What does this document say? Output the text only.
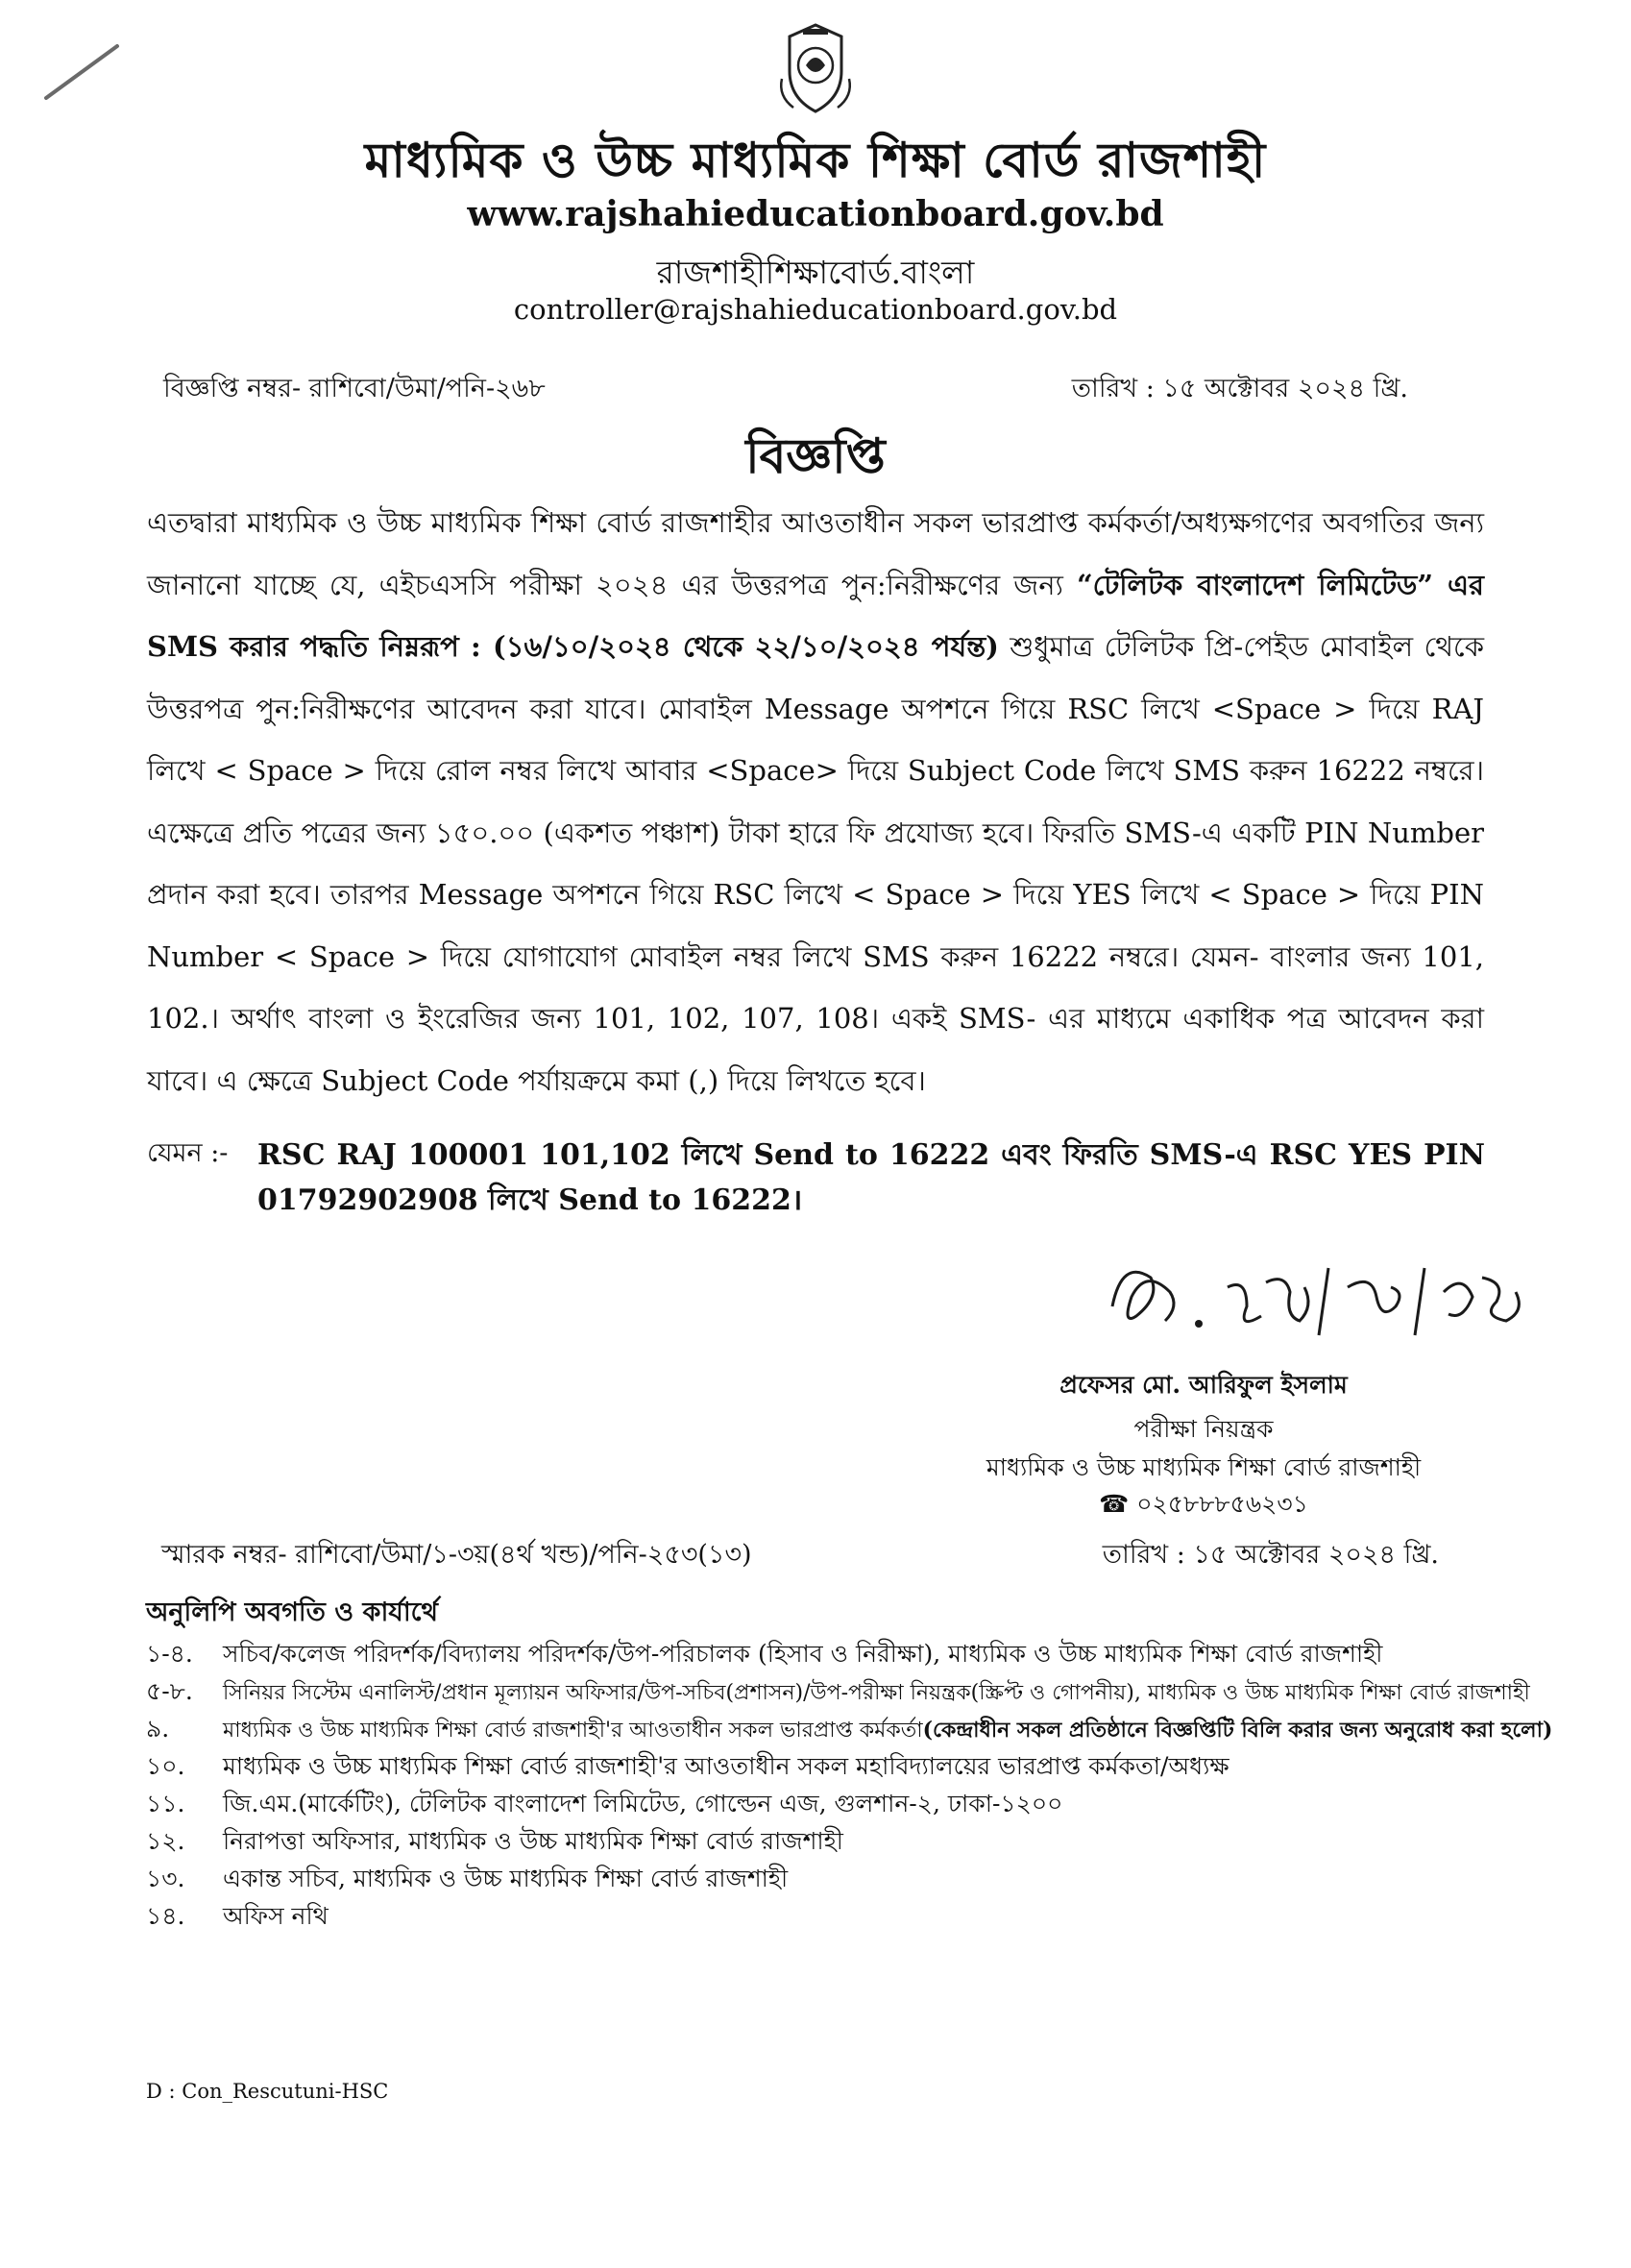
মাধ্যমিক ও উচ্চ মাধ্যমিক শিক্ষা বোর্ড রাজশাহী
www.rajshahieducationboard.gov.bd
রাজশাহীশিক্ষাবোর্ড.বাংলা
controller@rajshahieducationboard.gov.bd
বিজ্ঞপ্তি নম্বর- রাশিবো/উমা/পনি-২৬৮	তারিখ : ১৫ অক্টোবর ২০২৪ খ্রি.
বিজ্ঞপ্তি
এতদ্বারা মাধ্যমিক ও উচ্চ মাধ্যমিক শিক্ষা বোর্ড রাজশাহীর আওতাধীন সকল ভারপ্রাপ্ত কর্মকর্তা/অধ্যক্ষগণের অবগতির জন্য জানানো যাচ্ছে যে, এইচএসসি পরীক্ষা ২০২৪ এর উত্তরপত্র পুন:নিরীক্ষণের জন্য “টেলিটক বাংলাদেশ লিমিটেড” এর SMS করার পদ্ধতি নিম্নরূপ : (১৬/১০/২০২৪ থেকে ২২/১০/২০২৪ পর্যন্ত) শুধুমাত্র টেলিটক প্রি-পেইড মোবাইল থেকে উত্তরপত্র পুন:নিরীক্ষণের আবেদন করা যাবে। মোবাইল Message অপশনে গিয়ে RSC লিখে <Space > দিয়ে RAJ লিখে < Space > দিয়ে রোল নম্বর লিখে আবার <Space> দিয়ে Subject Code লিখে SMS করুন 16222 নম্বরে। এক্ষেত্রে প্রতি পত্রের জন্য ১৫০.০০ (একশত পঞ্চাশ) টাকা হারে ফি প্রযোজ্য হবে। ফিরতি SMS-এ একটি PIN Number প্রদান করা হবে। তারপর Message অপশনে গিয়ে RSC লিখে < Space > দিয়ে YES লিখে < Space > দিয়ে PIN Number < Space > দিয়ে যোগাযোগ মোবাইল নম্বর লিখে SMS করুন 16222 নম্বরে। যেমন- বাংলার জন্য 101, 102.। অর্থাৎ বাংলা ও ইংরেজির জন্য 101, 102, 107, 108। একই SMS- এর মাধ্যমে একাধিক পত্র আবেদন করা যাবে। এ ক্ষেত্রে Subject Code পর্যায়ক্রমে কমা (,) দিয়ে লিখতে হবে।
যেমন :- RSC RAJ 100001 101,102 লিখে Send to 16222 এবং ফিরতি SMS-এ RSC YES PIN
01792902908 লিখে Send to 16222।
প্রফেসর মো. আরিফুল ইসলাম
পরীক্ষা নিয়ন্ত্রক
মাধ্যমিক ও উচ্চ মাধ্যমিক শিক্ষা বোর্ড রাজশাহী
☎ ০২৫৮৮৮৫৬২৩১
স্মারক নম্বর- রাশিবো/উমা/১-৩য়(৪র্থ খন্ড)/পনি-২৫৩(১৩)	তারিখ : ১৫ অক্টোবর ২০২৪ খ্রি.
অনুলিপি অবগতি ও কার্যার্থে
১-৪. সচিব/কলেজ পরিদর্শক/বিদ্যালয় পরিদর্শক/উপ-পরিচালক (হিসাব ও নিরীক্ষা), মাধ্যমিক ও উচ্চ মাধ্যমিক শিক্ষা বোর্ড রাজশাহী
৫-৮. সিনিয়র সিস্টেম এনালিস্ট/প্রধান মূল্যায়ন অফিসার/উপ-সচিব(প্রশাসন)/উপ-পরীক্ষা নিয়ন্ত্রক(স্ক্রিপ্ট ও গোপনীয়), মাধ্যমিক ও উচ্চ মাধ্যমিক শিক্ষা বোর্ড রাজশাহী
৯.	মাধ্যমিক ও উচ্চ মাধ্যমিক শিক্ষা বোর্ড রাজশাহী'র আওতাধীন সকল ভারপ্রাপ্ত কর্মকর্তা(কেন্দ্রাধীন সকল প্রতিষ্ঠানে বিজ্ঞপ্তিটি বিলি করার জন্য অনুরোধ করা হলো)
১০. মাধ্যমিক ও উচ্চ মাধ্যমিক শিক্ষা বোর্ড রাজশাহী'র আওতাধীন সকল মহাবিদ্যালয়ের ভারপ্রাপ্ত কর্মকতা/অধ্যক্ষ
১১. জি.এম.(মার্কেটিং), টেলিটক বাংলাদেশ লিমিটেড, গোল্ডেন এজ, গুলশান-২, ঢাকা-১২০০
১২. নিরাপত্তা অফিসার, মাধ্যমিক ও উচ্চ মাধ্যমিক শিক্ষা বোর্ড রাজশাহী
১৩. একান্ত সচিব, মাধ্যমিক ও উচ্চ মাধ্যমিক শিক্ষা বোর্ড রাজশাহী
১৪. অফিস নথি
D : Con_Rescutuni-HSC
